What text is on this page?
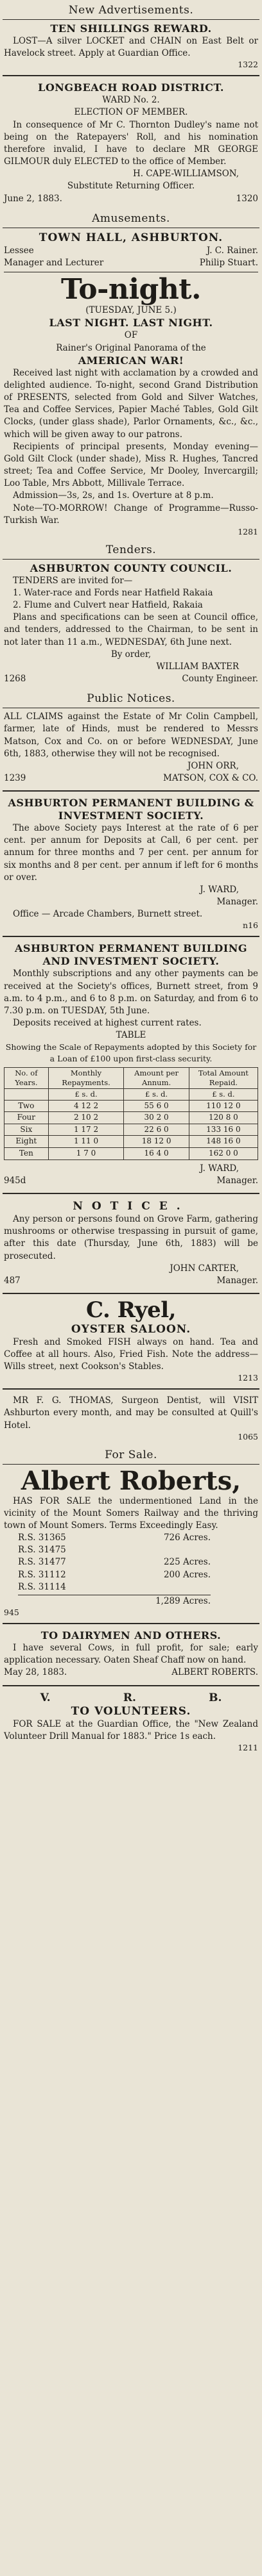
New Advertisements.
TEN SHILLINGS REWARD.

LOST—A silver LOCKET and CHAIN on East Belt or Havelock street. Apply at Guardian Office.

1322
LONGBEACH ROAD DISTRICT.
WARD No. 2.
ELECTION OF MEMBER.

In consequence of Mr C. Thornton Dudley's name not being on the Ratepayers' Roll, and his nomination therefore invalid, I have to declare MR GEORGE GILMOUR duly ELECTED to the office of Member.

H. CAPE-WILLIAMSON,
Substitute Returning Officer.
June 2, 1883.	1320
Amusements.
TOWN HALL, ASHBURTON.
Lessee	J. C. Rainer.
Manager and Lecturer	Philip Stuart.
To-night.
(TUESDAY, JUNE 5.)
LAST NIGHT. LAST NIGHT.
OF
Rainer's Original Panorama of the
AMERICAN WAR!

Received last night with acclamation by a crowded and delighted audience. To-night, second Grand Distribution of PRESENTS, selected from Gold and Silver Watches, Tea and Coffee Services, Papier Maché Tables, Gold Gilt Clocks, (under glass shade), Parlor Ornaments, &c., &c., which will be given away to our patrons.

Recipients of principal presents, Monday evening—Gold Gilt Clock (under shade), Miss R. Hughes, Tancred street; Tea and Coffee Service, Mr Dooley, Invercargill; Loo Table, Mrs Abbott, Millivale Terrace.

Admission—3s, 2s, and 1s. Overture at 8 p.m.

Note—TO-MORROW! Change of Programme—Russo-Turkish War.

1281
Tenders.
ASHBURTON COUNTY COUNCIL.

TENDERS are invited for—

1. Water-race and Fords near Hatfield Rakaia

2. Flume and Culvert near Hatfield, Rakaia

Plans and specifications can be seen at Council office, and tenders, addressed to the Chairman, to be sent in not later than 11 a.m., WEDNESDAY, 6th June next.

By order,
WILLIAM BAXTER
1268	County Engineer.
Public Notices.

ALL CLAIMS against the Estate of Mr Colin Campbell, farmer, late of Hinds, must be rendered to Messrs Matson, Cox and Co. on or before WEDNESDAY, June 6th, 1883, otherwise they will not be recognised.

JOHN ORR,
1239	MATSON, COX & CO.
ASHBURTON PERMANENT BUILDING & INVESTMENT SOCIETY.

The above Society pays Interest at the rate of 6 per cent. per annum for Deposits at Call, 6 per cent. per annum for three months and 7 per cent. per annum for six months and 8 per cent. per annum if left for 6 months or over.

J. WARD,
Manager.

Office — Arcade Chambers, Burnett street.

n16
ASHBURTON PERMANENT BUILDING AND INVESTMENT SOCIETY.

Monthly subscriptions and any other payments can be received at the Society's offices, Burnett street, from 9 a.m. to 4 p.m., and 6 to 8 p.m. on Saturday, and from 6 to 7.30 p.m. on TUESDAY, 5th June.

Deposits received at highest current rates.

TABLE

Showing the Scale of Repayments adopted by this Society for a Loan of £100 upon first-class security.

No. of Years.	Monthly Repayments.	Amount per Annum.	Total Amount Repaid.
	£ s. d.	£ s. d.	£ s. d.
Two	4 12 2	55 6 0	110 12 0
Four	2 10 2	30 2 0	120 8 0
Six	1 17 2	22 6 0	133 16 0
Eight	1 11 0	18 12 0	148 16 0
Ten	1 7 0	16 4 0	162 0 0
J. WARD,
945d	Manager.
NOTICE.

Any person or persons found on Grove Farm, gathering mushrooms or otherwise trespassing in pursuit of game, after this date (Thursday, June 6th, 1883) will be prosecuted.

JOHN CARTER,
487	Manager.
C. Ryel,
OYSTER SALOON.

Fresh and Smoked FISH always on hand. Tea and Coffee at all hours. Also, Fried Fish. Note the address—Wills street, next Cookson's Stables.

1213

MR F. G. THOMAS, Surgeon Dentist, will VISIT Ashburton every month, and may be consulted at Quill's Hotel.

1065
For Sale.
Albert Roberts,

HAS FOR SALE the undermentioned Land in the vicinity of the Mount Somers Railway and the thriving town of Mount Somers. Terms Exceedingly Easy.

R.S. 31365	726 Acres.
R.S. 31475
R.S. 31477	225 Acres.
R.S. 31112	200 Acres.
R.S. 31114
1,289 Acres.
945
TO DAIRYMEN AND OTHERS.

I have several Cows, in full profit, for sale; early application necessary. Oaten Sheaf Chaff now on hand.

May 28, 1883.	ALBERT ROBERTS.
V.	R.	B.
TO VOLUNTEERS.

FOR SALE at the Guardian Office, the "New Zealand Volunteer Drill Manual for 1883." Price 1s each.

1211
